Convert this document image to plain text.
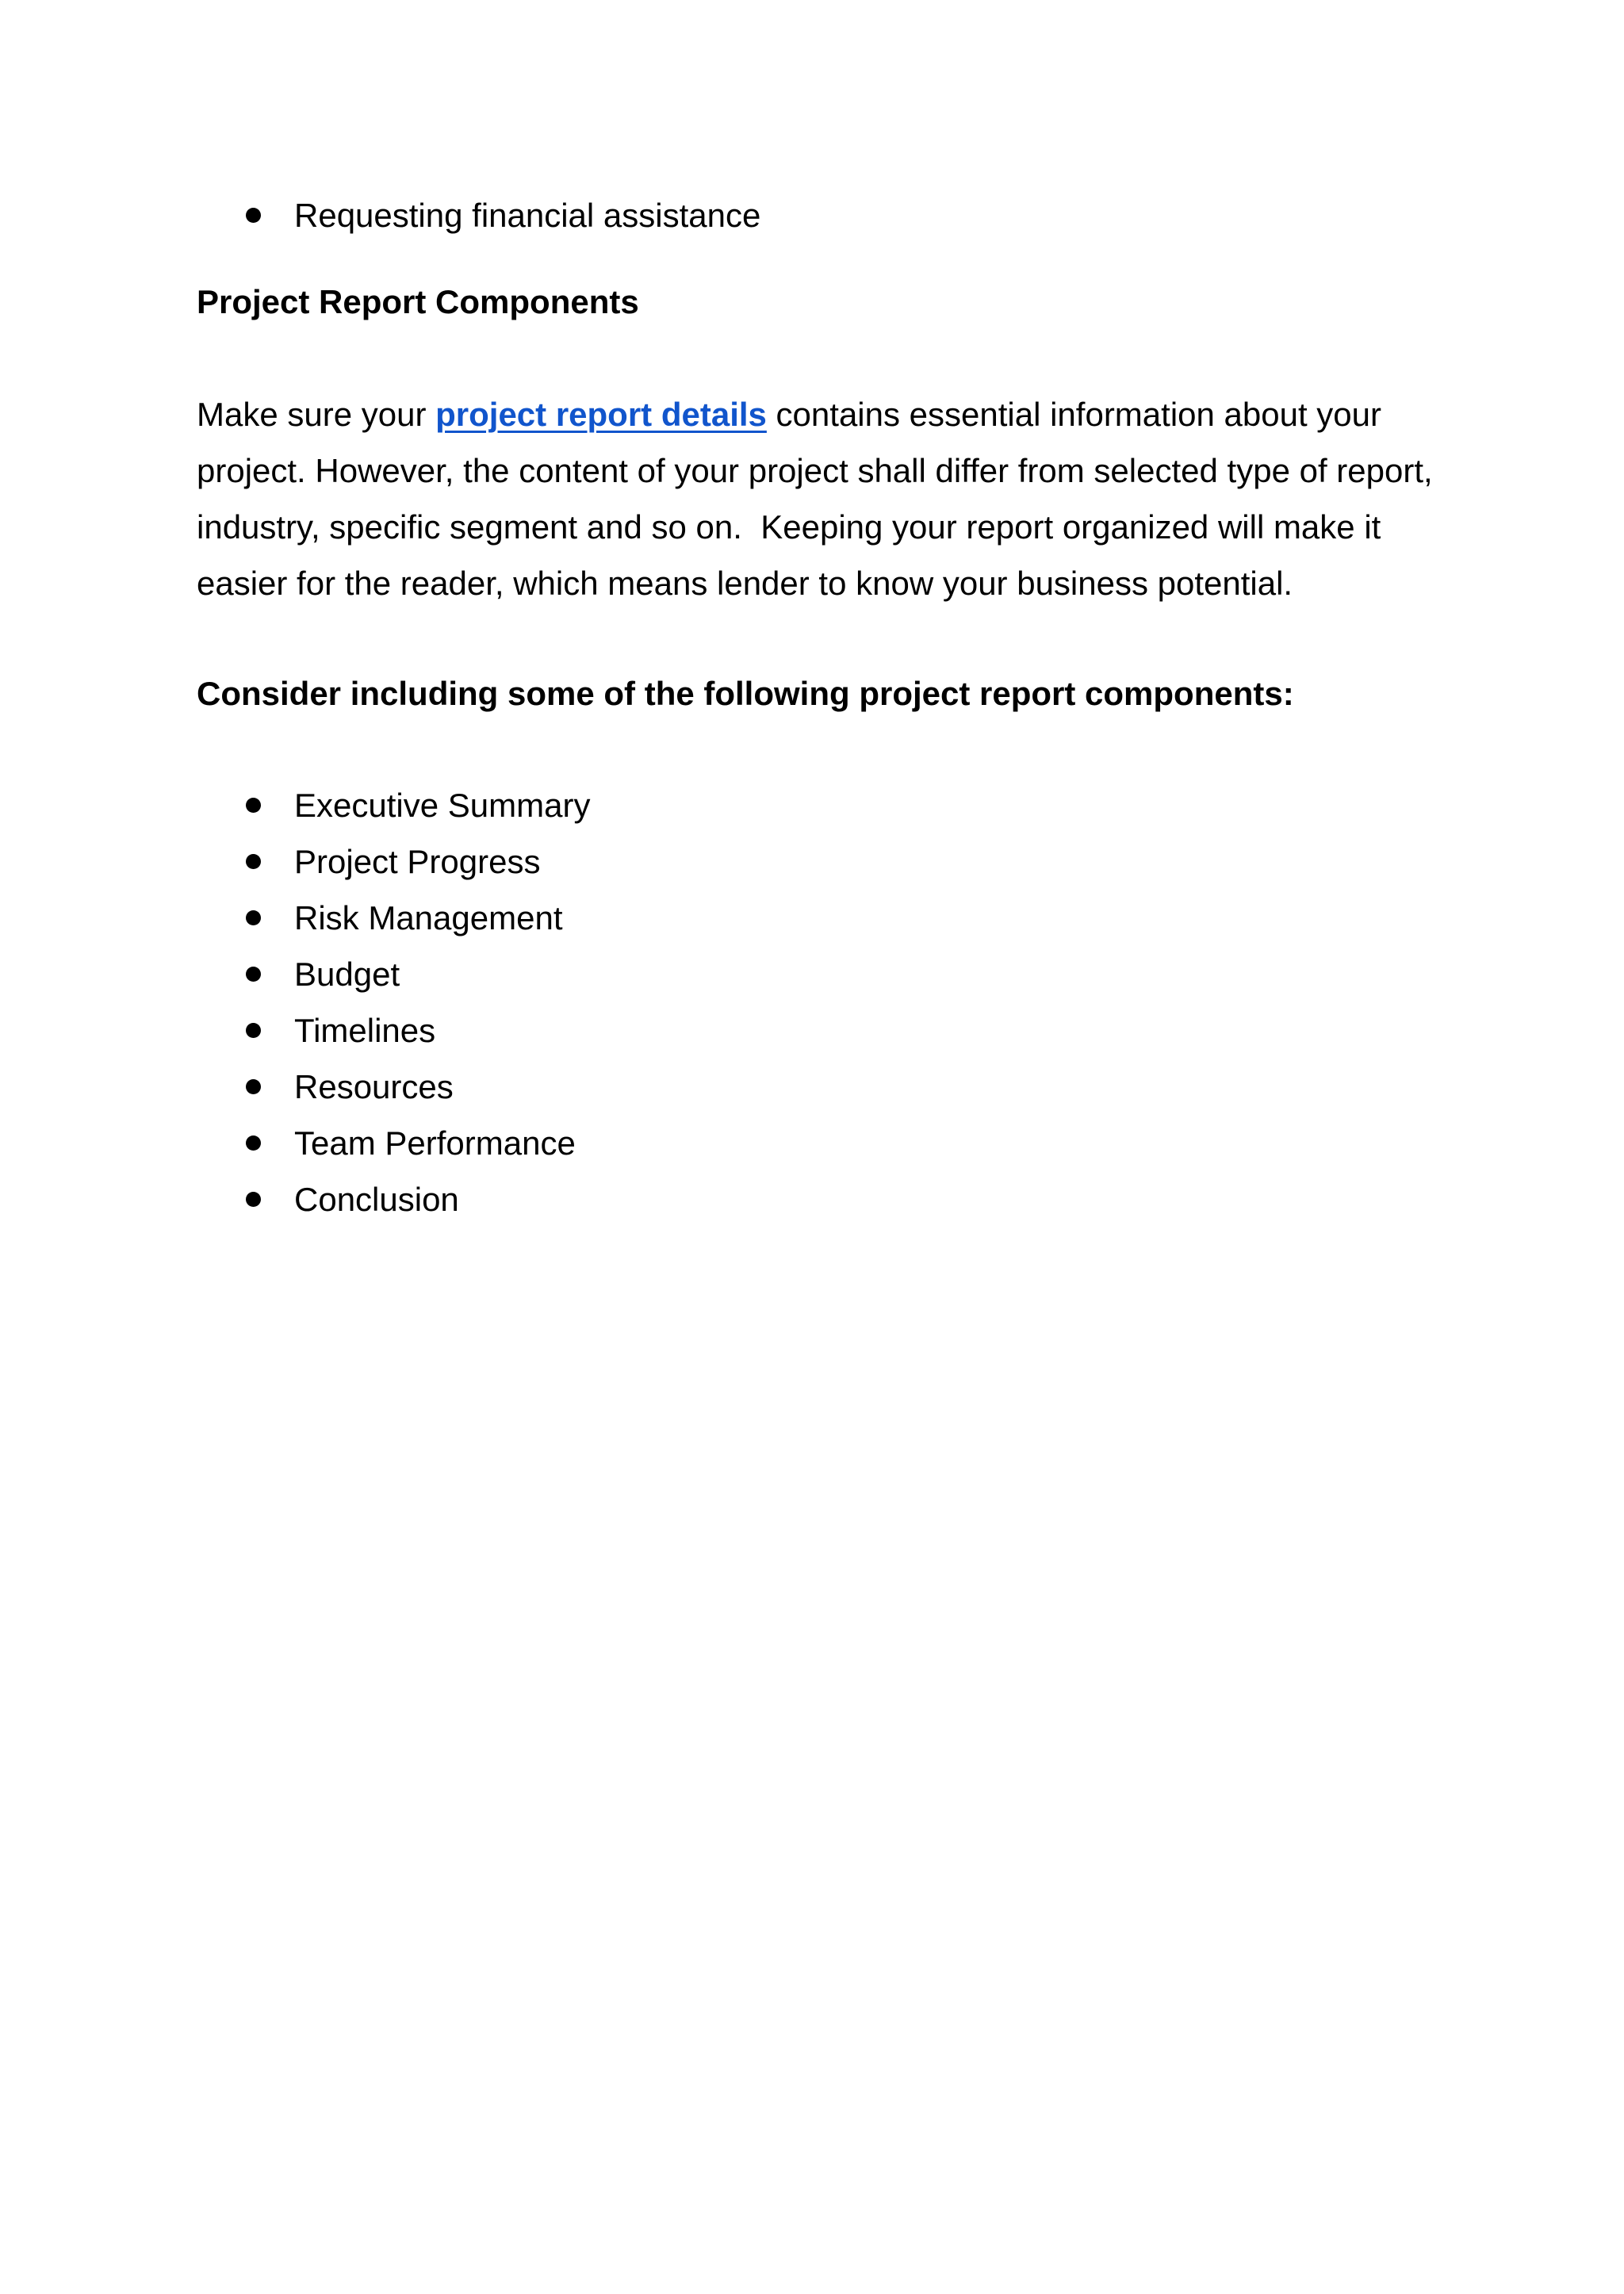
Requesting financial assistance
Project Report Components

Make sure your project report details contains essential information about your
project. However, the content of your project shall differ from selected type of report,
industry, specific segment and so on.  Keeping your report organized will make it
easier for the reader, which means lender to know your business potential.

Consider including some of the following project report components:
Executive Summary
Project Progress
Risk Management
Budget
Timelines
Resources
Team Performance
Conclusion
